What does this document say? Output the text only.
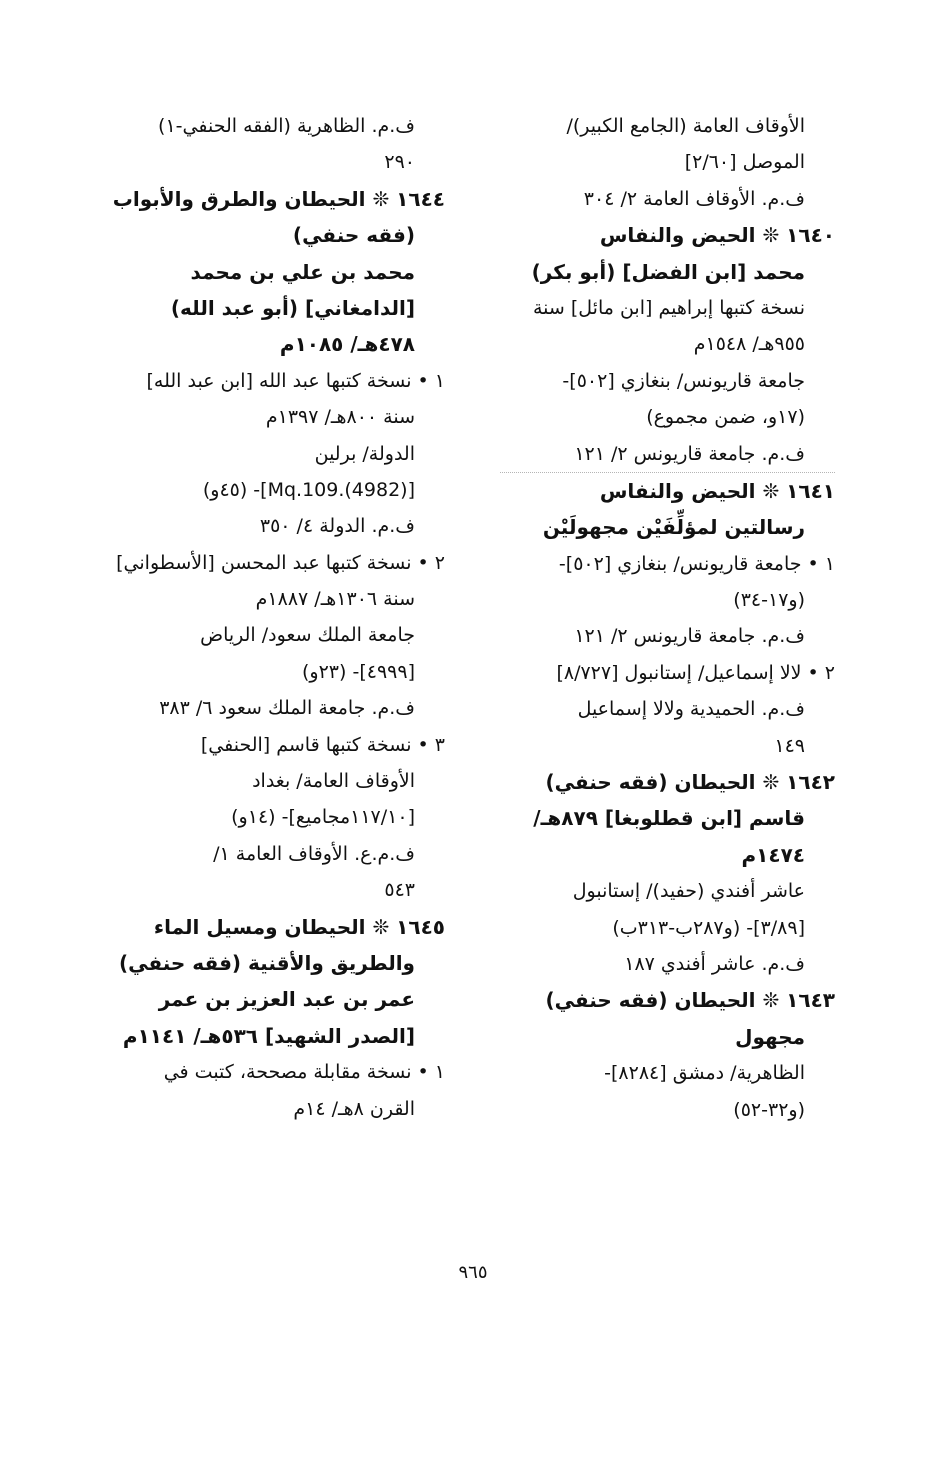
الأوقاف العامة (الجامع الكبير)/
الموصل [٢/٦٠]
ف.م. الأوقاف العامة ٢/ ٣٠٤
١٦٤٠ ❊ الحيض والنفاس
محمد [ابن الفضل] (أبو بكر)
نسخة كتبها إبراهيم [ابن مائل] سنة
٩٥٥هـ/ ١٥٤٨م
جامعة قاريونس/ بنغازي [٥٠٢]-
(١٧و، ضمن مجموع)
ف.م. جامعة قاريونس ٢/ ١٢١
١٦٤١ ❊ الحيض والنفاس
رسالتين لمؤلِّفَيْن مجهولَيْن
١ • جامعة قاريونس/ بنغازي [٥٠٢]-
(و١٧-٣٤)
ف.م. جامعة قاريونس ٢/ ١٢١
٢ • لالا إسماعيل/ إستانبول [٨/٧٢٧]
ف.م. الحميدية ولالا إسماعيل
١٤٩
١٦٤٢ ❊ الحيطان (فقه حنفي)
قاسم [ابن قطلوبغا] ٨٧٩هـ/
١٤٧٤م
عاشر أفندي (حفيد)/ إستانبول
[٣/٨٩]- (و٢٨٧ب-٣١٣ب)
ف.م. عاشر أفندي ١٨٧
١٦٤٣ ❊ الحيطان (فقه حنفي)
مجهول
الظاهرية/ دمشق [٨٢٨٤]-
(و٣٢-٥٢)
ف.م. الظاهرية (الفقه الحنفي-١)
٢٩٠
١٦٤٤ ❊ الحيطان والطرق والأبواب
(فقه حنفي)
محمد بن علي بن محمد
[الدامغاني] (أبو عبد الله)
٤٧٨هـ/ ١٠٨٥م
١ • نسخة كتبها عبد الله [ابن عبد الله]
سنة ٨٠٠هـ/ ١٣٩٧م
الدولة/ برلين
[Mq.109.(4982)]- (٤٥و)
ف.م. الدولة ٤/ ٣٥٠
٢ • نسخة كتبها عبد المحسن [الأسطواني]
سنة ١٣٠٦هـ/ ١٨٨٧م
جامعة الملك سعود/ الرياض
[٤٩٩٩]- (٢٣و)
ف.م. جامعة الملك سعود ٦/ ٣٨٣
٣ • نسخة كتبها قاسم [الحنفي]
الأوقاف العامة/ بغداد
[١١٧/١٠مجاميع]- (١٤و)
ف.م.ع. الأوقاف العامة ١/
٥٤٣
١٦٤٥ ❊ الحيطان ومسيل الماء
والطريق والأقنية (فقه حنفي)
عمر بن عبد العزيز بن عمر
[الصدر الشهيد] ٥٣٦هـ/ ١١٤١م
١ • نسخة مقابلة مصححة، كتبت في
القرن ٨هـ/ ١٤م
٩٦٥
